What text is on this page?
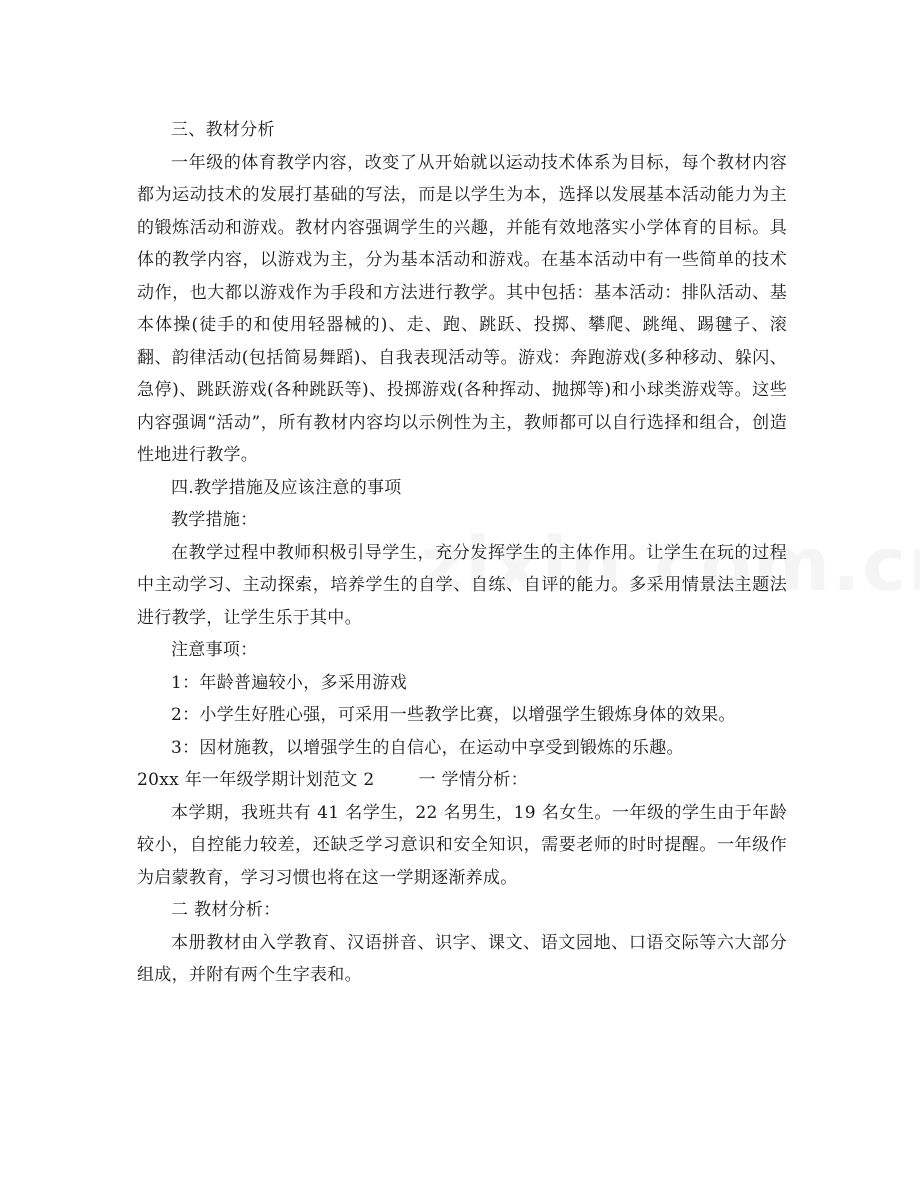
三、教材分析

一年级的体育教学内容，改变了从开始就以运动技术体系为目标，每个教材内容都为运动技术的发展打基础的写法，而是以学生为本，选择以发展基本活动能力为主的锻炼活动和游戏。教材内容强调学生的兴趣，并能有效地落实小学体育的目标。具体的教学内容，以游戏为主，分为基本活动和游戏。在基本活动中有一些简单的技术动作，也大都以游戏作为手段和方法进行教学。其中包括：基本活动：排队活动、基本体操(徒手的和使用轻器械的)、走、跑、跳跃、投掷、攀爬、跳绳、踢毽子、滚翻、韵律活动(包括简易舞蹈)、自我表现活动等。游戏：奔跑游戏(多种移动、躲闪、急停)、跳跃游戏(各种跳跃等)、投掷游戏(各种挥动、抛掷等)和小球类游戏等。这些内容强调“活动”，所有教材内容均以示例性为主，教师都可以自行选择和组合，创造性地进行教学。

四.教学措施及应该注意的事项

教学措施：

在教学过程中教师积极引导学生，充分发挥学生的主体作用。让学生在玩的过程中主动学习、主动探索，培养学生的自学、自练、自评的能力。多采用情景法主题法进行教学，让学生乐于其中。

注意事项：

1：年龄普遍较小，多采用游戏

2：小学生好胜心强，可采用一些教学比赛，以增强学生锻炼身体的效果。

3：因材施教，以增强学生的自信心，在运动中享受到锻炼的乐趣。

20xx 年一年级学期计划范文 2	一 学情分析：

本学期，我班共有 41 名学生，22 名男生，19 名女生。一年级的学生由于年龄较小，自控能力较差，还缺乏学习意识和安全知识，需要老师的时时提醒。一年级作为启蒙教育，学习习惯也将在这一学期逐渐养成。

二 教材分析：

本册教材由入学教育、汉语拼音、识字、课文、语文园地、口语交际等六大部分组成，并附有两个生字表和。
